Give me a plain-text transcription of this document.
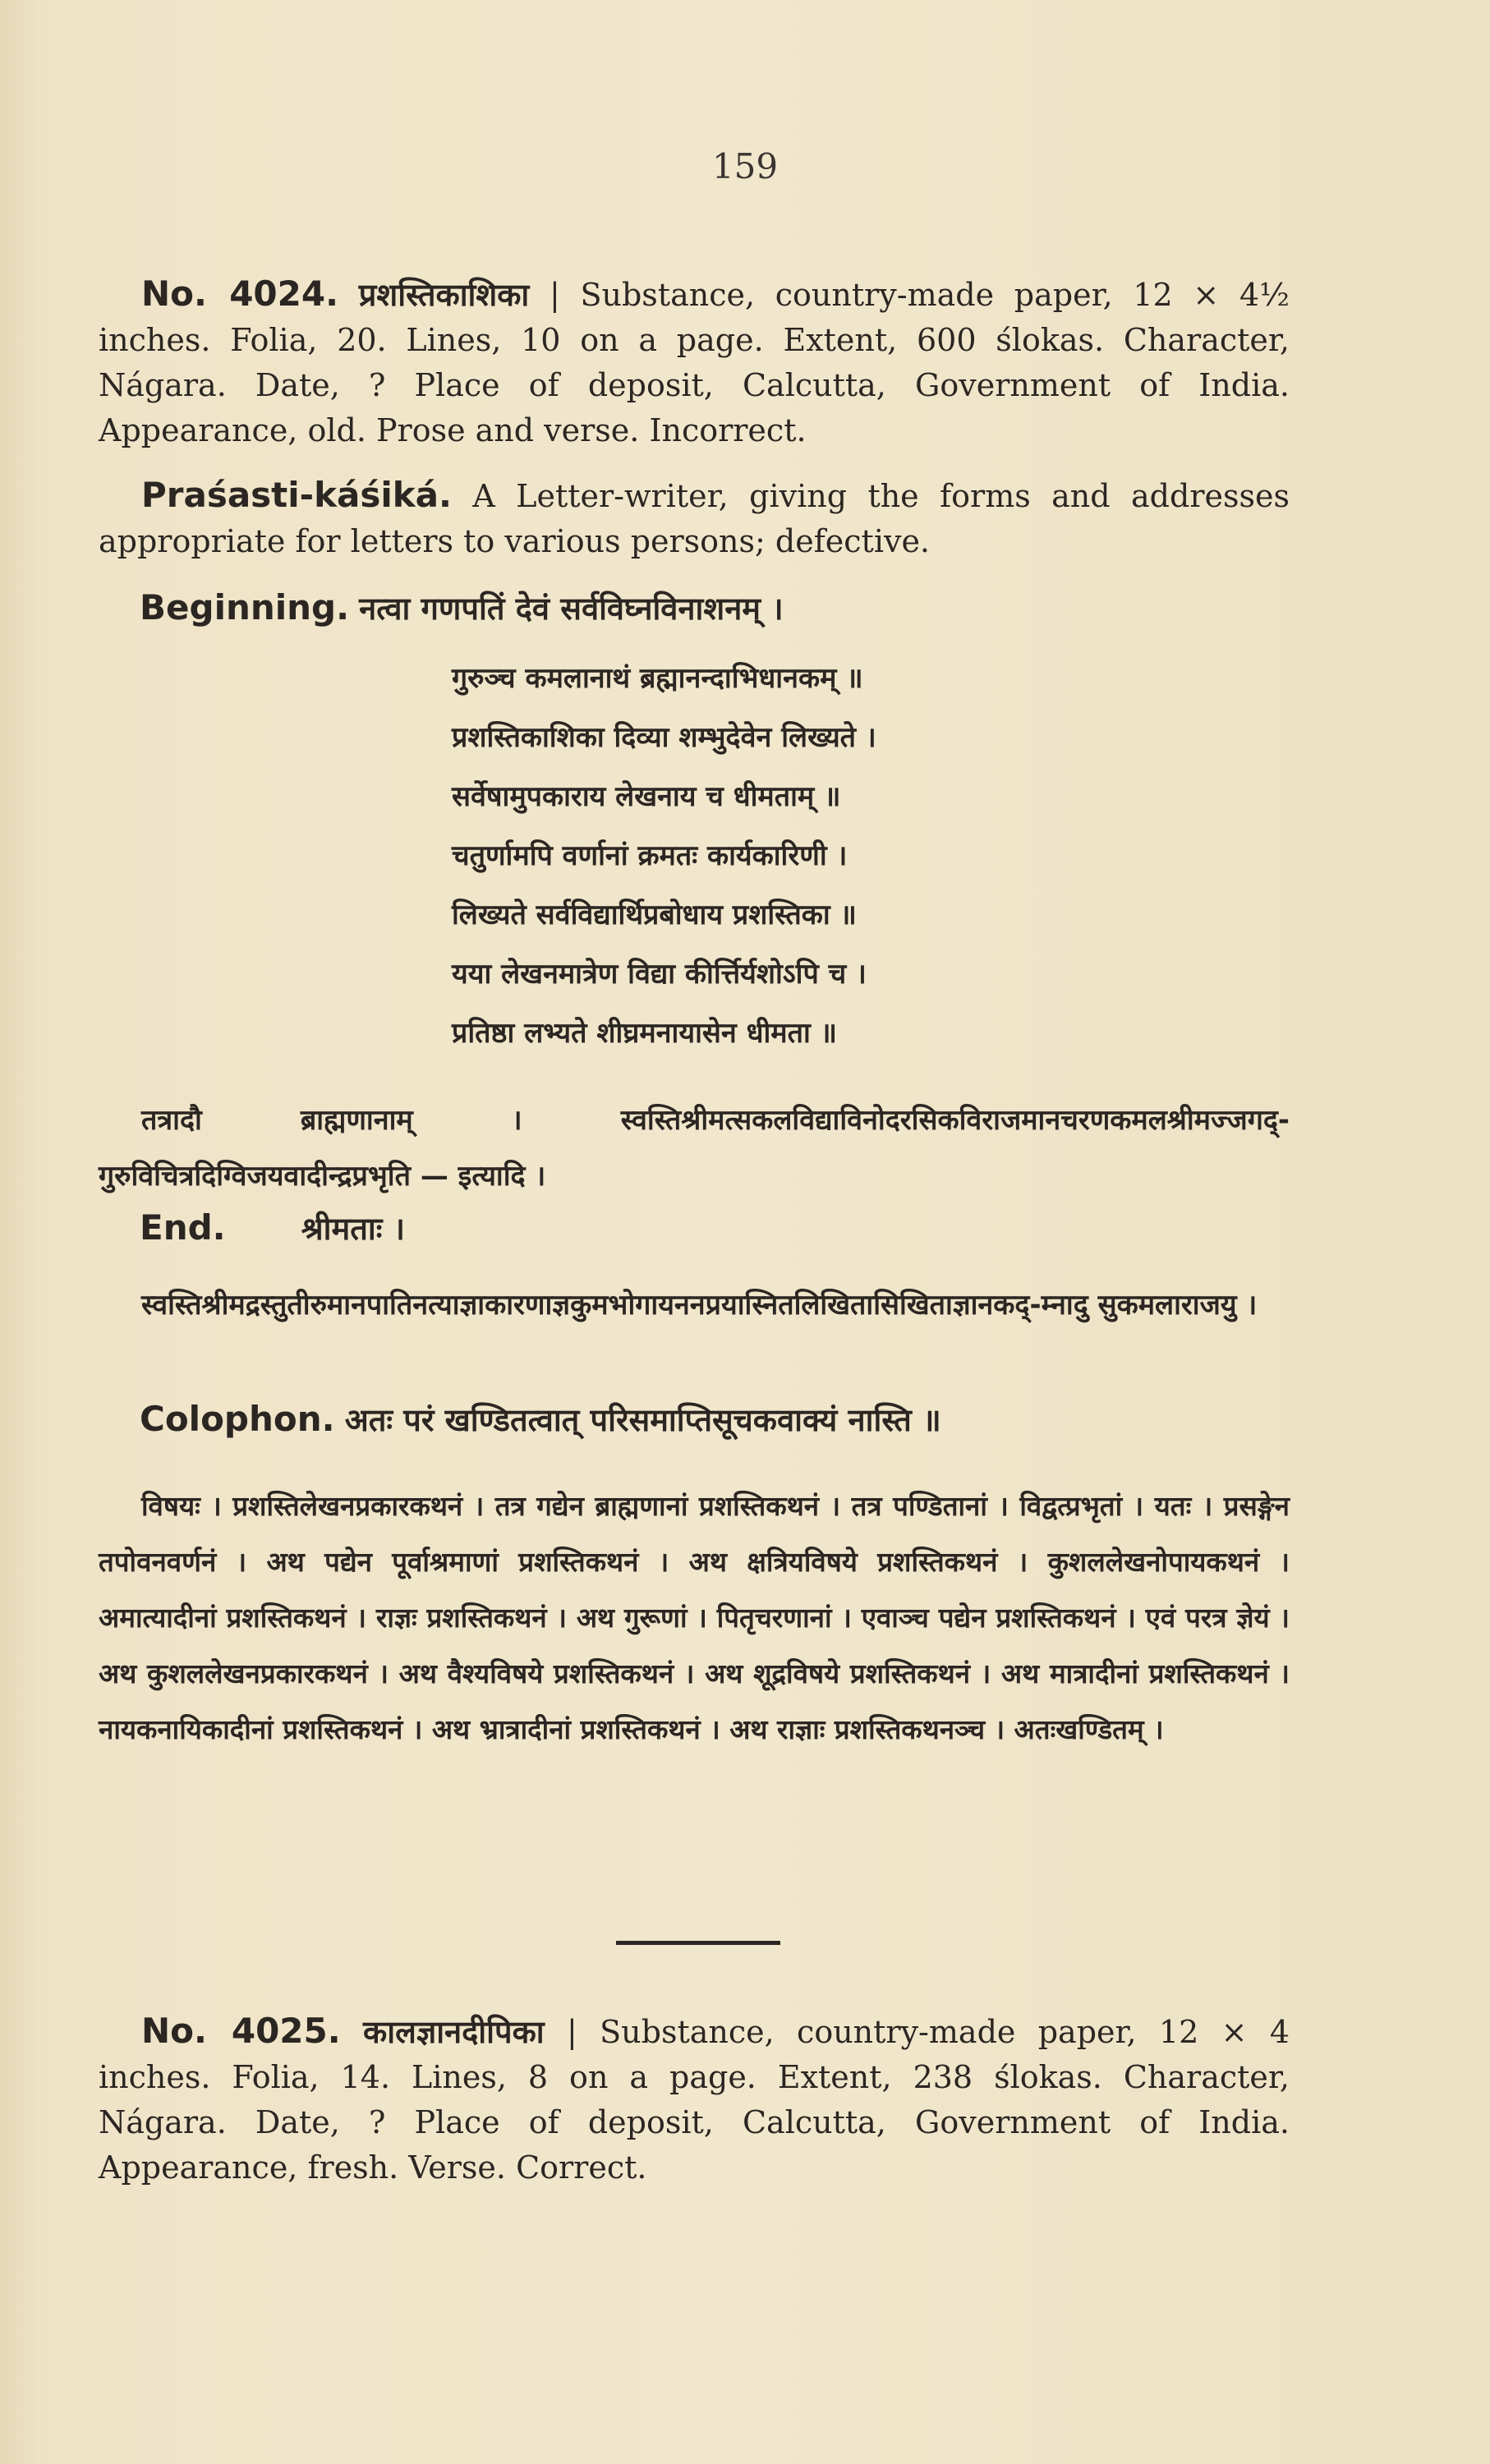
159
No. 4024. प्रशस्तिकाशिका | Substance, country-made paper, 12 × 4½ inches. Folia, 20. Lines, 10 on a page. Extent, 600 ślokas. Character, Nágara. Date, ? Place of deposit, Calcutta, Government of India. Appearance, old. Prose and verse. Incorrect.
Praśasti-káśiká. A Letter-writer, giving the forms and addresses appropriate for letters to various persons; defective.
Beginning. नत्वा गणपतिं देवं सर्वविघ्नविनाशनम् ।
गुरुञ्च कमलानाथं ब्रह्मानन्दाभिधानकम् ॥
प्रशस्तिकाशिका दिव्या शम्भुदेवेन लिख्यते ।
सर्वेषामुपकाराय लेखनाय च धीमताम् ॥
चतुर्णामपि वर्णानां क्रमतः कार्यकारिणी ।
लिख्यते सर्वविद्यार्थिप्रबोधाय प्रशस्तिका ॥
यया लेखनमात्रेण विद्या कीर्त्तिर्यशोऽपि च ।
प्रतिष्ठा लभ्यते शीघ्रमनायासेन धीमता ॥
तत्रादौ ब्राह्मणानाम् । स्वस्तिश्रीमत्सकलविद्याविनोदरसिकविराजमानचरणकमलश्रीमज्जगद्-गुरुविचित्रदिग्विजयवादीन्द्रप्रभृति — इत्यादि ।
End. श्रीमताः ।
स्वस्तिश्रीमद्रस्तुतीरुमानपातिनत्याज्ञाकारणाज्ञकुमभोगायननप्रयास्नितलिखितासिखिताज्ञानकद्-म्नादु सुकमलाराजयु ।
Colophon. अतः परं खण्डितत्वात् परिसमाप्तिसूचकवाक्यं नास्ति ॥
विषयः । प्रशस्तिलेखनप्रकारकथनं । तत्र गद्येन ब्राह्मणानां प्रशस्तिकथनं । तत्र पण्डितानां । विद्वत्प्रभृतां । यतः । प्रसङ्गेन तपोवनवर्णनं । अथ पद्येन पूर्वाश्रमाणां प्रशस्तिकथनं । अथ क्षत्रियविषये प्रशस्तिकथनं । कुशललेखनोपायकथनं । अमात्यादीनां प्रशस्तिकथनं । राज्ञः प्रशस्तिकथनं । अथ गुरूणां । पितृचरणानां । एवाञ्च पद्येन प्रशस्तिकथनं । एवं परत्र ज्ञेयं । अथ कुशललेखनप्रकारकथनं । अथ वैश्यविषये प्रशस्तिकथनं । अथ शूद्रविषये प्रशस्तिकथनं । अथ मात्रादीनां प्रशस्तिकथनं । नायकनायिकादीनां प्रशस्तिकथनं । अथ भ्रात्रादीनां प्रशस्तिकथनं । अथ राज्ञाः प्रशस्तिकथनञ्च । अतःखण्डितम् ।
No. 4025. कालज्ञानदीपिका | Substance, country-made paper, 12 × 4 inches. Folia, 14. Lines, 8 on a page. Extent, 238 ślokas. Character, Nágara. Date, ? Place of deposit, Calcutta, Government of India. Appearance, fresh. Verse. Correct.
